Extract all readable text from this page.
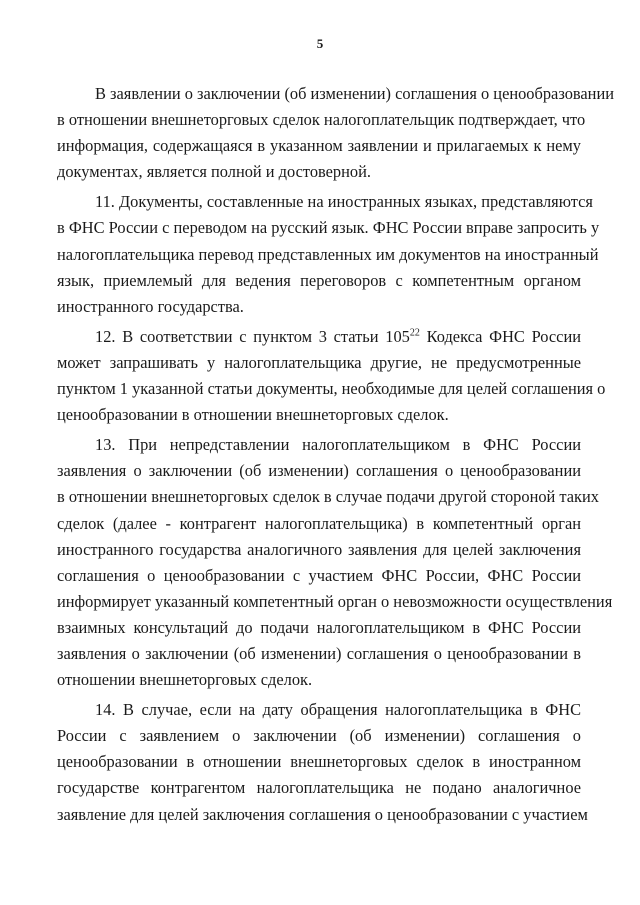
5

В заявлении о заключении (об изменении) соглашения о ценообразовании
в отношении внешнеторговых сделок налогоплательщик подтверждает, что
информация, содержащаяся в указанном заявлении и прилагаемых к нему
документах, является полной и достоверной.

11. Документы, составленные на иностранных языках, представляются
в ФНС России с переводом на русский язык. ФНС России вправе запросить у
налогоплательщика перевод представленных им документов на иностранный
язык, приемлемый для ведения переговоров с компетентным органом
иностранного государства.

12. В соответствии с пунктом 3 статьи $105^{22}$ Кодекса ФНС России
может запрашивать у налогоплательщика другие, не предусмотренные
пунктом 1 указанной статьи документы, необходимые для целей соглашения о
ценообразовании в отношении внешнеторговых сделок.

13. При непредставлении налогоплательщиком в ФНС России
заявления о заключении (об изменении) соглашения о ценообразовании
в отношении внешнеторговых сделок в случае подачи другой стороной таких
сделок (далее - контрагент налогоплательщика) в компетентный орган
иностранного государства аналогичного заявления для целей заключения
соглашения о ценообразовании с участием ФНС России, ФНС России
информирует указанный компетентный орган о невозможности осуществления
взаимных консультаций до подачи налогоплательщиком в ФНС России
заявления о заключении (об изменении) соглашения о ценообразовании в
отношении внешнеторговых сделок.

14. В случае, если на дату обращения налогоплательщика в ФНС
России с заявлением о заключении (об изменении) соглашения о
ценообразовании в отношении внешнеторговых сделок в иностранном
государстве контрагентом налогоплательщика не подано аналогичное
заявление для целей заключения соглашения о ценообразовании с участием
